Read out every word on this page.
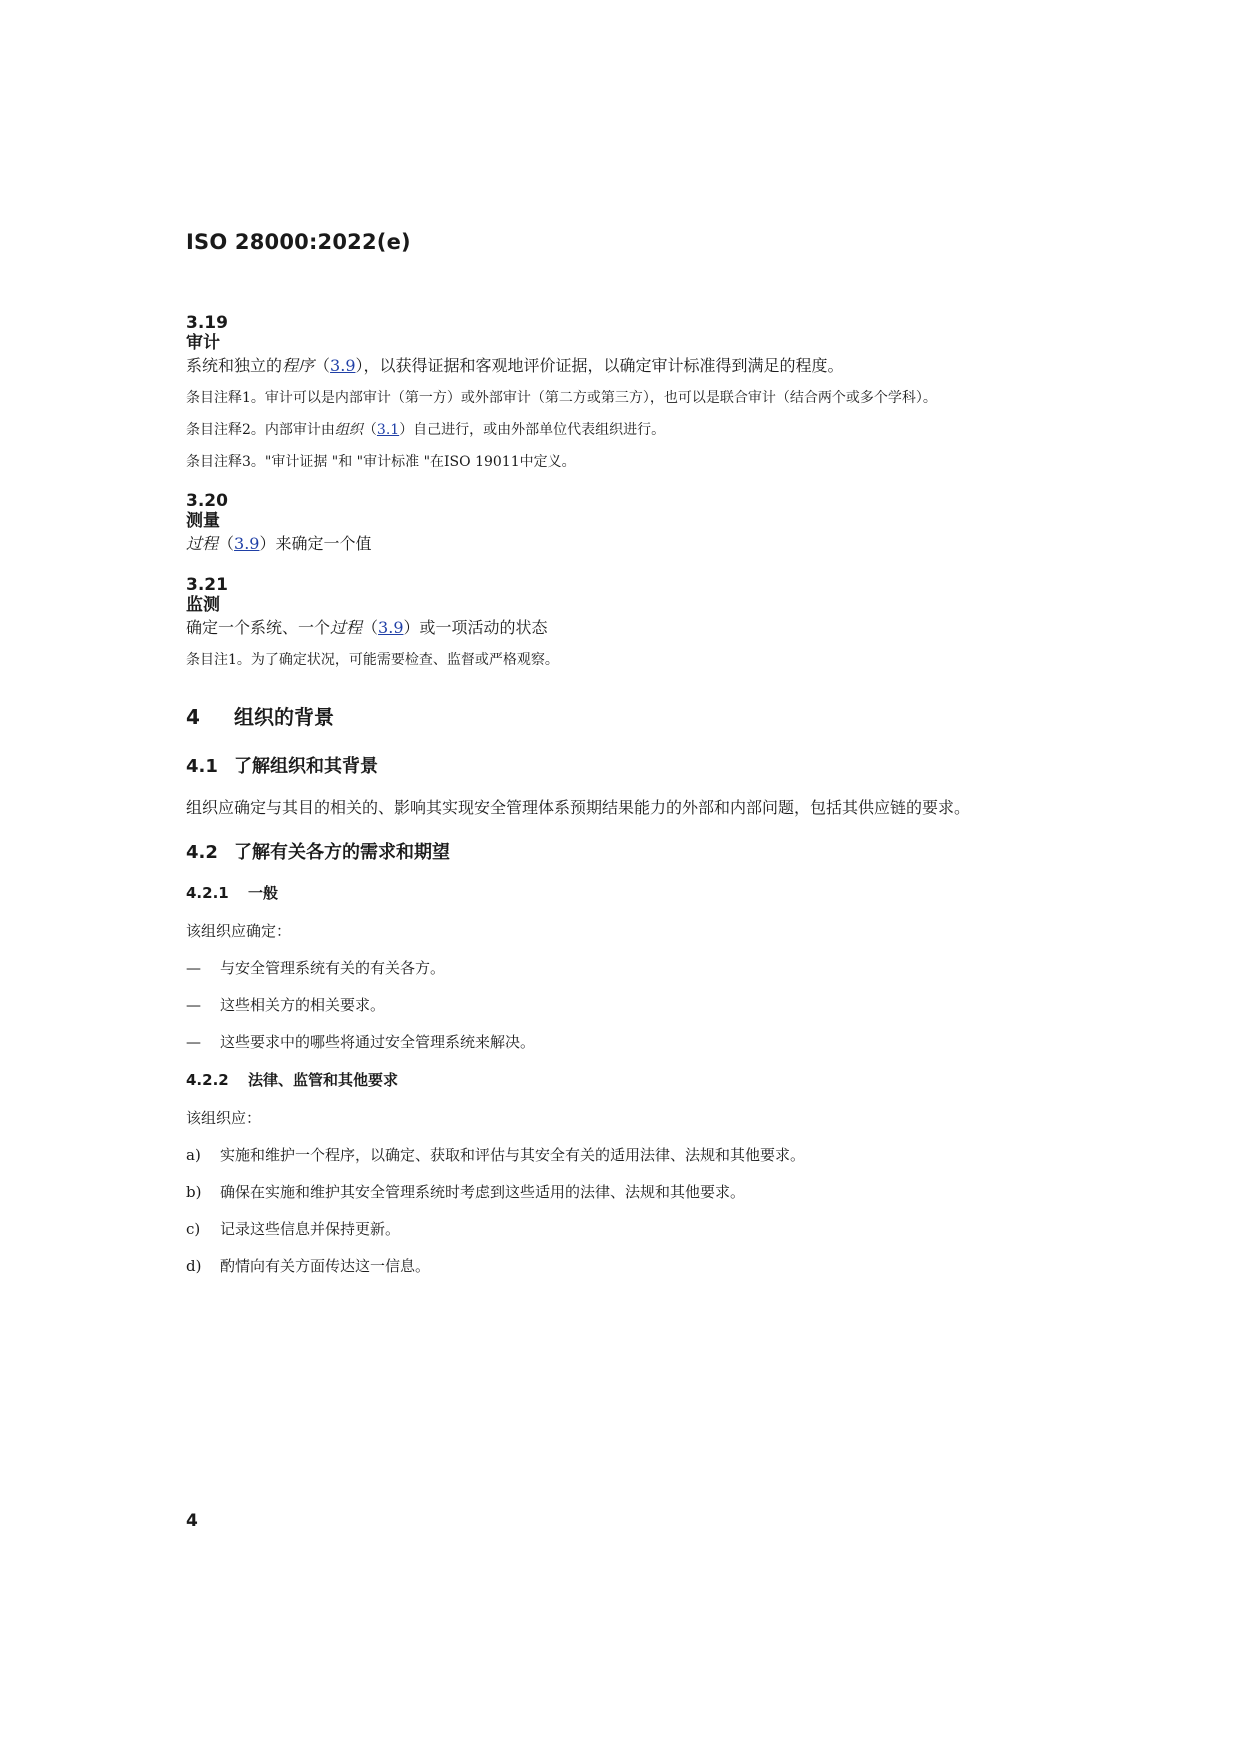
ISO 28000:2022(e)
3.19
审计
系统和独立的程序（3.9），以获得证据和客观地评价证据，以确定审计标准得到满足的程度。
条目注释1。审计可以是内部审计（第一方）或外部审计（第二方或第三方），也可以是联合审计（结合两个或多个学科）。
条目注释2。内部审计由组织（3.1）自己进行，或由外部单位代表组织进行。
条目注释3。"审计证据 "和 "审计标准 "在ISO 19011中定义。
3.20
测量
过程（3.9）来确定一个值
3.21
监测
确定一个系统、一个过程（3.9）或一项活动的状态
条目注1。为了确定状况，可能需要检查、监督或严格观察。
4 组织的背景
4.1 了解组织和其背景
组织应确定与其目的相关的、影响其实现安全管理体系预期结果能力的外部和内部问题，包括其供应链的要求。
4.2 了解有关各方的需求和期望
4.2.1 一般
该组织应确定：
—	与安全管理系统有关的有关各方。
—	这些相关方的相关要求。
—	这些要求中的哪些将通过安全管理系统来解决。
4.2.2 法律、监管和其他要求
该组织应：
a)	实施和维护一个程序，以确定、获取和评估与其安全有关的适用法律、法规和其他要求。
b)	确保在实施和维护其安全管理系统时考虑到这些适用的法律、法规和其他要求。
c)	记录这些信息并保持更新。
d)	酌情向有关方面传达这一信息。
4
